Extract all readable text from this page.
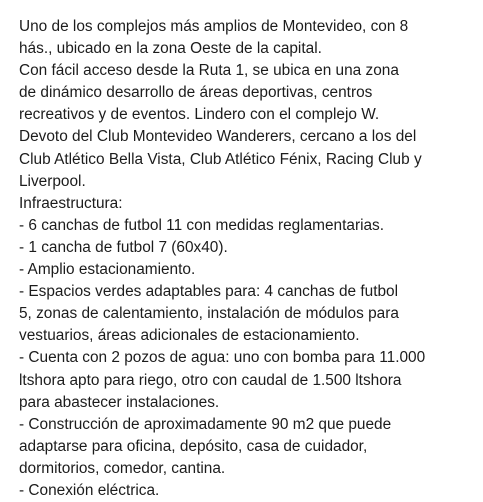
Uno de los complejos más amplios de Montevideo, con 8

hás., ubicado en la zona Oeste de la capital.

Con fácil acceso desde la Ruta 1, se ubica en una zona

de dinámico desarrollo de áreas deportivas, centros

recreativos y de eventos. Lindero con el complejo W.

Devoto del Club Montevideo Wanderers, cercano a los del

Club Atlético Bella Vista, Club Atlético Fénix, Racing Club y

Liverpool.

Infraestructura:

- 6 canchas de futbol 11 con medidas reglamentarias.

- 1 cancha de futbol 7 (60x40).

- Amplio estacionamiento.

- Espacios verdes adaptables para: 4 canchas de futbol

5, zonas de calentamiento, instalación de módulos para

vestuarios, áreas adicionales de estacionamiento.

- Cuenta con 2 pozos de agua: uno con bomba para 11.000

ltshora apto para riego, otro con caudal de 1.500 ltshora

para abastecer instalaciones.

- Construcción de aproximadamente 90 m2 que puede

adaptarse para oficina, depósito, casa de cuidador,

dormitorios, comedor, cantina.

- Conexión eléctrica.
